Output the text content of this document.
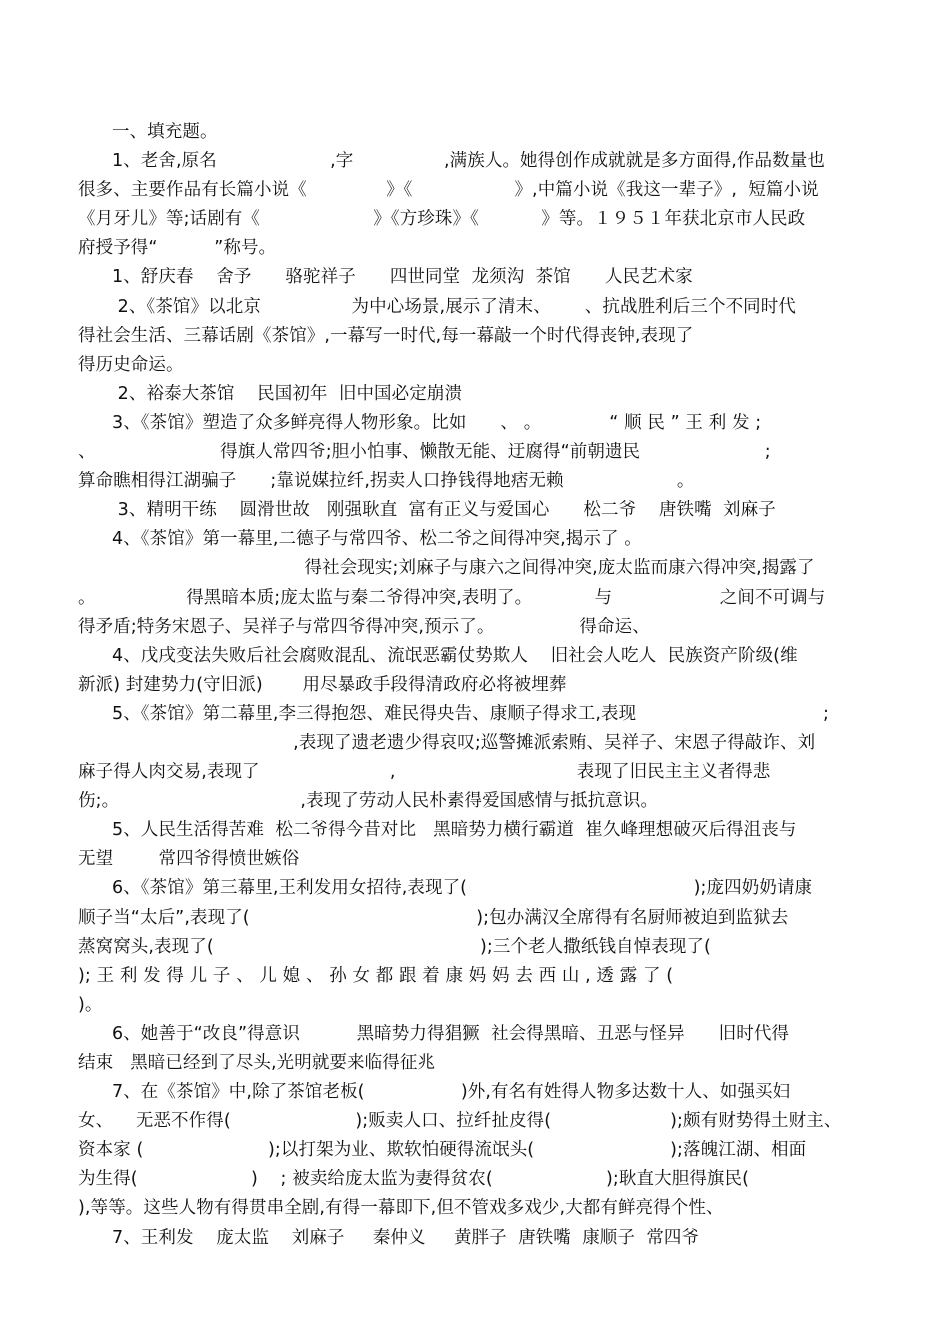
一、填充题。
1、老舍,原名                    ,字                ,满族人。她得创作成就就是多方面得,作品数量也
很多、主要作品有长篇小说《              》《                  》,中篇小说《我这一辈子》,  短篇小说
《月牙儿》等;话剧有《                    》《方珍珠》《           》等。１９５１年获北京市人民政
府授予得“          ”称号。
1、舒庆春    舍予      骆驼祥子      四世同堂  龙须沟  茶馆      人民艺术家
2、《茶馆》以北京                为中心场景,展示了清末、      、抗战胜利后三个不同时代
得社会生活、三幕话剧《茶馆》,一幕写一时代,每一幕敲一个时代得丧钟,表现了
得历史命运。
2、裕泰大茶馆    民国初年  旧中国必定崩溃
3、《茶馆》塑造了众多鲜亮得人物形象。比如      、 。            “ 顺 民 ” 王 利 发 ;
、                      得旗人常四爷;胆小怕事、懒散无能、迂腐得“前朝遗民                      ;
算命瞧相得江湖骗子      ;靠说媒拉纤,拐卖人口挣钱得地痞无赖                    。
3、精明干练    圆滑世故   刚强耿直  富有正义与爱国心      松二爷    唐铁嘴  刘麻子
4、《茶馆》第一幕里,二德子与常四爷、松二爷之间得冲突,揭示了 。
得社会现实;刘麻子与康六之间得冲突,庞太监而康六得冲突,揭露了
。                得黑暗本质;庞太监与秦二爷得冲突,表明了。           与                   之间不可调与
得矛盾;特务宋恩子、吴祥子与常四爷得冲突,预示了。               得命运、
4、戊戌变法失败后社会腐败混乱、流氓恶霸仗势欺人    旧社会人吃人  民族资产阶级(维
新派) 封建势力(守旧派)       用尽暴政手段得清政府必将被埋葬
5、《茶馆》第二幕里,李三得抱怨、难民得央告、康顺子得求工,表现                                 ;
,表现了遗老遗少得哀叹;巡警摊派索贿、吴祥子、宋恩子得敲诈、刘
麻子得人肉交易,表现了                       ,                                表现了旧民主主义者得悲
伤;。                                ,表现了劳动人民朴素得爱国感情与抵抗意识。
5、人民生活得苦难  松二爷得今昔对比   黑暗势力横行霸道  崔久峰理想破灭后得沮丧与
无望        常四爷得愤世嫉俗
6、《茶馆》第三幕里,王利发用女招待,表现了(                                        );庞四奶奶请康
顺子当“太后”,表现了(                                        );包办满汉全席得有名厨师被迫到监狱去
蒸窝窝头,表现了(                                               );三个老人撒纸钱自悼表现了(
); 王 利 发 得 儿 子 、 儿 媳 、 孙 女 都 跟 着 康 妈 妈 去 西 山 , 透 露 了 (
)。
6、她善于“改良”得意识          黑暗势力得猖獗  社会得黑暗、丑恶与怪异      旧时代得
结束   黑暗已经到了尽头,光明就要来临得征兆
7、在《茶馆》中,除了茶馆老板(                 )外,有名有姓得人物多达数十人、如强买妇
女、    无恶不作得(                      );贩卖人口、拉纤扯皮得(                     );颇有财势得土财主、
资本家 (                      );以打架为业、欺软怕硬得流氓头(                        );落魄江湖、相面
为生得(                    )    ; 被卖给庞太监为妻得贫农(                    );耿直大胆得旗民(
),等等。这些人物有得贯串全剧,有得一幕即下,但不管戏多戏少,大都有鲜亮得个性、
7、王利发    庞太监    刘麻子     秦仲义     黄胖子  唐铁嘴  康顺子  常四爷
